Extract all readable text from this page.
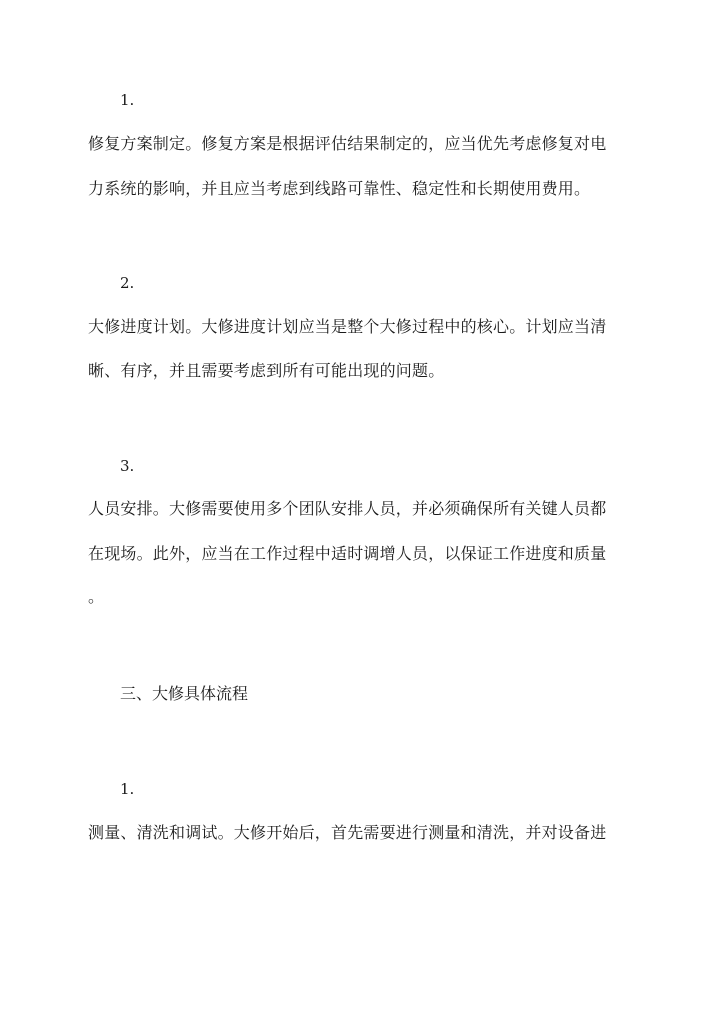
1.
修复方案制定。修复方案是根据评估结果制定的，应当优先考虑修复对电
力系统的影响，并且应当考虑到线路可靠性、稳定性和长期使用费用。
2.
大修进度计划。大修进度计划应当是整个大修过程中的核心。计划应当清
晰、有序，并且需要考虑到所有可能出现的问题。
3.
人员安排。大修需要使用多个团队安排人员，并必须确保所有关键人员都
在现场。此外，应当在工作过程中适时调增人员，以保证工作进度和质量
。
三、大修具体流程
1.
测量、清洗和调试。大修开始后，首先需要进行测量和清洗，并对设备进
